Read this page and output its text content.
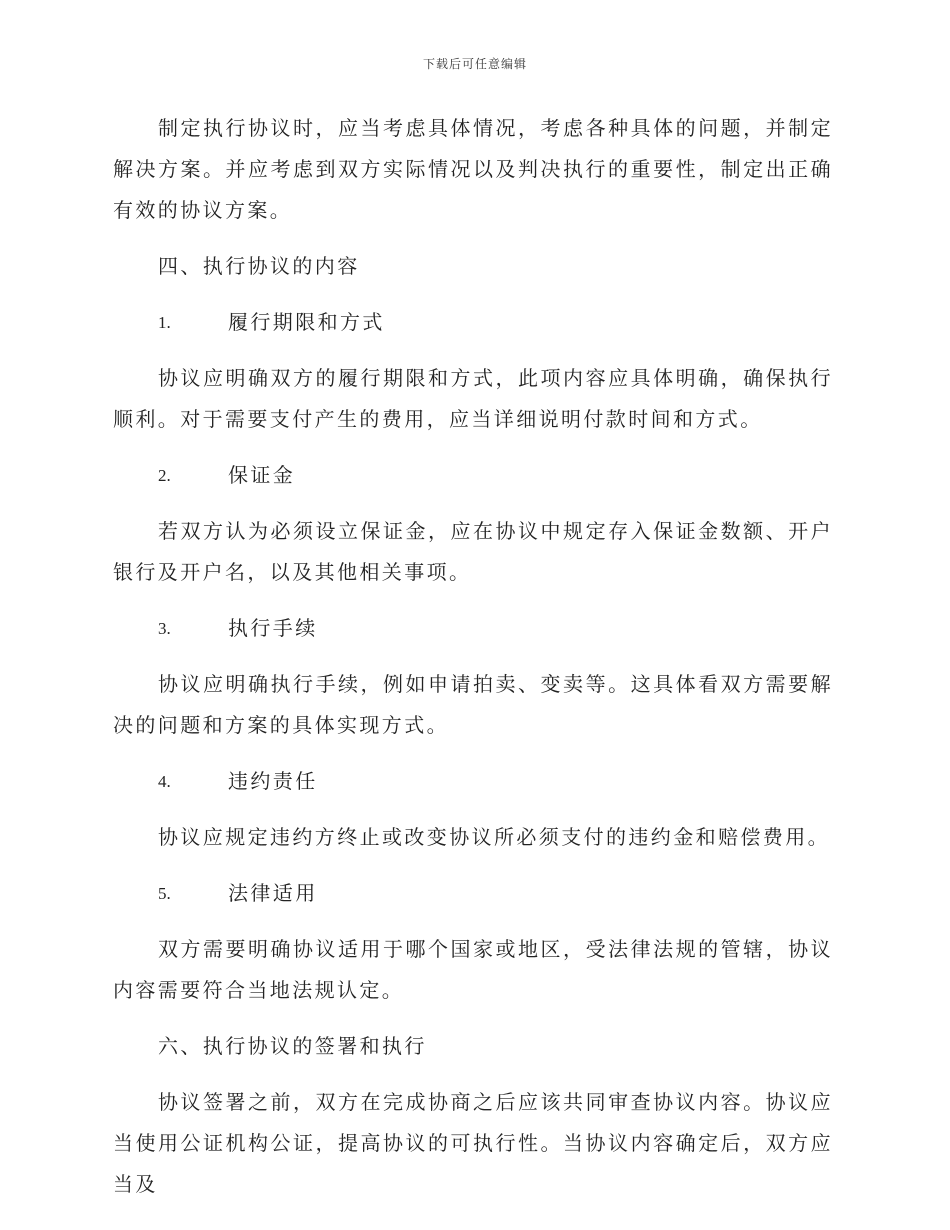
下载后可任意编辑

制定执行协议时，应当考虑具体情况，考虑各种具体的问题，并制定解决方案。并应考虑到双方实际情况以及判决执行的重要性，制定出正确有效的协议方案。

四、执行协议的内容
1.	履行期限和方式

协议应明确双方的履行期限和方式，此项内容应具体明确，确保执行顺利。对于需要支付产生的费用，应当详细说明付款时间和方式。

2.	保证金

若双方认为必须设立保证金，应在协议中规定存入保证金数额、开户银行及开户名，以及其他相关事项。

3.	执行手续

协议应明确执行手续，例如申请拍卖、变卖等。这具体看双方需要解决的问题和方案的具体实现方式。

4.	违约责任

协议应规定违约方终止或改变协议所必须支付的违约金和赔偿费用。

5.	法律适用

双方需要明确协议适用于哪个国家或地区，受法律法规的管辖，协议内容需要符合当地法规认定。

六、执行协议的签署和执行

协议签署之前，双方在完成协商之后应该共同审查协议内容。协议应当使用公证机构公证，提高协议的可执行性。当协议内容确定后，双方应当及
